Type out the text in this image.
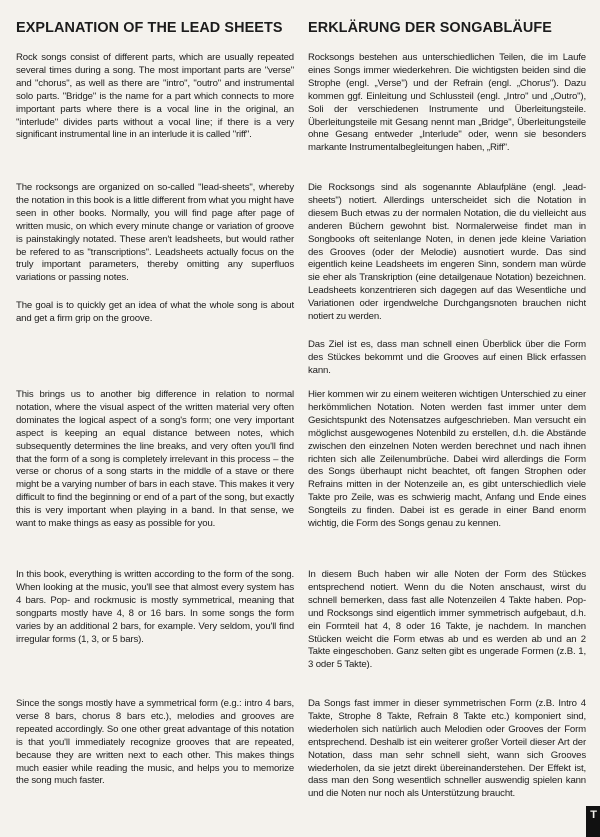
EXPLANATION OF THE LEAD SHEETS

Rock songs consist of different parts, which are usually repeated several times during a song. The most important parts are "verse" and "chorus", as well as there are "intro", "outro" and instrumental solo parts. "Bridge" is the name for a part which connects to more important parts where there is a vocal line in the original, an "interlude" divides parts without a vocal line; if there is a very significant instrumental line in an interlude it is called "riff".

The rocksongs are organized on so-called "lead-sheets", whereby the notation in this book is a little different from what you might have seen in other books. Normally, you will find page after page of written music, on which every minute change or variation of groove is painstakingly notated. These aren't leadsheets, but would rather be refered to as "transcriptions". Leadsheets actually focus on the truly important parameters, thereby omitting any superfluos variations or passing notes.

The goal is to quickly get an idea of what the whole song is about and get a firm grip on the groove.

This brings us to another big difference in relation to normal notation, where the visual aspect of the written material very often dominates the logical aspect of a song's form; one very important aspect is keeping an equal distance between notes, which subsequently determines the line breaks, and very often you'll find that the form of a song is completely irrelevant in this process – the verse or chorus of a song starts in the middle of a stave or there might be a varying number of bars in each stave. This makes it very difficult to find the beginning or end of a part of the song, but exactly this is very important when playing in a band. In that sense, we want to make things as easy as possible for you.

In this book, everything is written according to the form of the song. When looking at the music, you'll see that almost every system has 4 bars. Pop- and rockmusic is mostly symmetrical, meaning that songparts mostly have 4, 8 or 16 bars. In some songs the form varies by an additional 2 bars, for example. Very seldom, you'll find irregular forms (1, 3, or 5 bars).

Since the songs mostly have a symmetrical form (e.g.: intro 4 bars, verse 8 bars, chorus 8 bars etc.), melodies and grooves are repeated accordingly. So one other great advantage of this notation is that you'll immediately recognize grooves that are repeated, because they are written next to each other. This makes things much easier while reading the music, and helps you to memorize the song much faster.

ERKLÄRUNG DER SONGABLÄUFE

Rocksongs bestehen aus unterschiedlichen Teilen, die im Laufe eines Songs immer wiederkehren. Die wichtigsten beiden sind die Strophe (engl. „Verse") und der Refrain (engl. „Chorus"). Dazu kommen ggf. Einleitung und Schlussteil (engl. „Intro" und „Outro"), Soli der verschiedenen Instrumente und Überleitungsteile. Überleitungsteile mit Gesang nennt man „Bridge", Überleitungsteile ohne Gesang entweder „Interlude" oder, wenn sie besonders markante Instrumentalbegleitungen haben, „Riff".

Die Rocksongs sind als sogenannte Ablaufpläne (engl. „lead-sheets") notiert. Allerdings unterscheidet sich die Notation in diesem Buch etwas zu der normalen Notation, die du vielleicht aus anderen Büchern gewohnt bist. Normalerweise findet man in Songbooks oft seitenlange Noten, in denen jede kleine Variation des Grooves (oder der Melodie) ausnotiert wurde. Das sind eigentlich keine Leadsheets im engeren Sinn, sondern man würde sie eher als Transkription (eine detailgenaue Notation) bezeichnen. Leadsheets konzentrieren sich dagegen auf das Wesentliche und Variationen oder irgendwelche Durchgangsnoten brauchen nicht notiert zu werden.

Das Ziel ist es, dass man schnell einen Überblick über die Form des Stückes bekommt und die Grooves auf einen Blick erfassen kann.

Hier kommen wir zu einem weiteren wichtigen Unterschied zu einer herkömmlichen Notation. Noten werden fast immer unter dem Gesichtspunkt des Notensatzes aufgeschrieben. Man versucht ein möglichst ausgewogenes Notenbild zu erstellen, d.h. die Abstände zwischen den einzelnen Noten werden berechnet und nach ihnen richten sich alle Zeilenumbrüche. Dabei wird allerdings die Form des Songs überhaupt nicht beachtet, oft fangen Strophen oder Refrains mitten in der Notenzeile an, es gibt unterschiedlich viele Takte pro Zeile, was es schwierig macht, Anfang und Ende eines Songteils zu finden. Dabei ist es gerade in einer Band enorm wichtig, die Form des Songs genau zu kennen.

In diesem Buch haben wir alle Noten der Form des Stückes entsprechend notiert. Wenn du die Noten anschaust, wirst du schnell bemerken, dass fast alle Notenzeilen 4 Takte haben. Pop- und Rocksongs sind eigentlich immer symmetrisch aufgebaut, d.h. ein Formteil hat 4, 8 oder 16 Takte, je nachdem. In manchen Stücken weicht die Form etwas ab und es werden ab und an 2 Takte eingeschoben. Ganz selten gibt es ungerade Formen (z.B. 1, 3 oder 5 Takte).

Da Songs fast immer in dieser symmetrischen Form (z.B. Intro 4 Takte, Strophe 8 Takte, Refrain 8 Takte etc.) komponiert sind, wiederholen sich natürlich auch Melodien oder Grooves der Form entsprechend. Deshalb ist ein weiterer großer Vorteil dieser Art der Notation, dass man sehr schnell sieht, wann sich Grooves wiederholen, da sie jetzt direkt übereinanderstehen. Der Effekt ist, dass man den Song wesentlich schneller auswendig spielen kann und die Noten nur noch als Unterstützung braucht.

T
